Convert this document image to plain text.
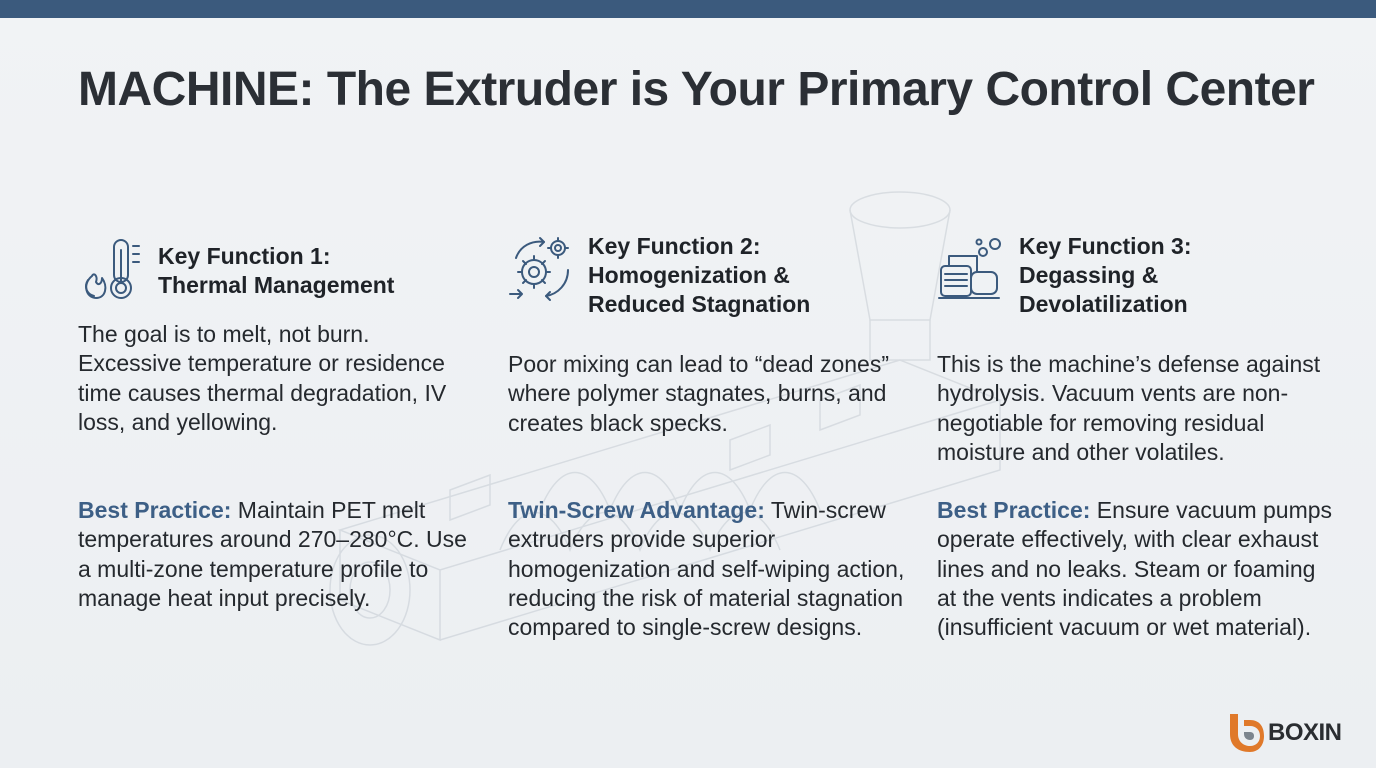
MACHINE: The Extruder is Your Primary Control Center
Key Function 1:
Thermal Management

The goal is to melt, not burn. Excessive temperature or residence time causes thermal degradation, IV loss, and yellowing.

Best Practice: Maintain PET melt temperatures around 270–280°C. Use a multi-zone temperature profile to manage heat input precisely.

Key Function 2:
Homogenization &
Reduced Stagnation

Poor mixing can lead to “dead zones” where polymer stagnates, burns, and creates black specks.

Twin-Screw Advantage: Twin-screw extruders provide superior homogenization and self-wiping action, reducing the risk of material stagnation compared to single-screw designs.

Key Function 3:
Degassing &
Devolatilization

This is the machine’s defense against hydrolysis. Vacuum vents are non-negotiable for removing residual moisture and other volatiles.

Best Practice: Ensure vacuum pumps operate effectively, with clear exhaust lines and no leaks. Steam or foaming at the vents indicates a problem (insufficient vacuum or wet material).

BOXIN
